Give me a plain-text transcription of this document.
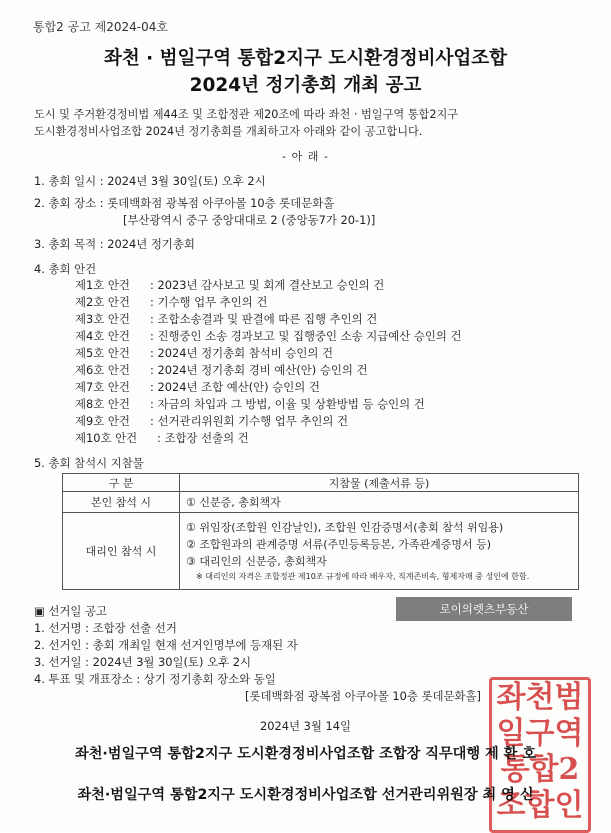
통합2 공고 제2024-04호
좌천 · 범일구역 통합2지구 도시환경정비사업조합
2024년 정기총회 개최 공고
도시 및 주거환경정비법 제44조 및 조합정관 제20조에 따라 좌천 · 범일구역 통합2지구
도시환경정비사업조합 2024년 정기총회를 개최하고자 아래와 같이 공고합니다.
- 아 래 -
1. 총회 일시 : 2024년 3월 30일(토) 오후 2시
2. 총회 장소 : 롯데백화점 광복점 아쿠아몰 10층 롯데문화홀
[부산광역시 중구 중앙대대로 2 (중앙동7가 20-1)]
3. 총회 목적 : 2024년 정기총회
4. 총회 안건
제1호 안건 : 2023년 감사보고 및 회계 결산보고 승인의 건
제2호 안건 : 기수행 업무 추인의 건
제3호 안건 : 조합소송결과 및 판결에 따른 집행 추인의 건
제4호 안건 : 진행중인 소송 경과보고 및 집행중인 소송 지급예산 승인의 건
제5호 안건 : 2024년 정기총회 참석비 승인의 건
제6호 안건 : 2024년 정기총회 경비 예산(안) 승인의 건
제7호 안건 : 2024년 조합 예산(안) 승인의 건
제8호 안건 : 자금의 차입과 그 방법, 이율 및 상환방법 등 승인의 건
제9호 안건 : 선거관리위원회 기수행 업무 추인의 건
제10호 안건 : 조합장 선출의 건
5. 총회 참석시 지참물
구 분	지참물 (제출서류 등)
본인 참석 시	① 신분증, 총회책자
대리인 참석 시	① 위임장(조합원 인감날인), 조합원 인감증명서(총회 참석 위임용)
② 조합원과의 관계증명 서류(주민등록등본, 가족관계증명서 등)
③ 대리인의 신분증, 총회책자
※ 대리인의 자격은 조합정관 제10조 규정에 따라 배우자, 직계존비속, 형제자매 중 성인에 한함.
▣ 선거일 공고
1. 선거명 : 조합장 선출 선거
2. 선거인 : 총회 개최일 현재 선거인명부에 등재된 자
3. 선거일 : 2024년 3월 30일(토) 오후 2시
4. 투표 및 개표장소 : 상기 정기총회 장소와 동일
[롯데백화점 광복점 아쿠아몰 10층 롯데문화홀]
2024년 3월 14일
좌천범
일구역
통합2
조합인
로이의렛츠부동산 http://letsbudongsan.com
좌천·범일구역 통합2지구 도시환경정비사업조합 조합장 직무대행 제 환 호
좌천·범일구역 통합2지구 도시환경정비사업조합 선거관리위원장 최 영 신
